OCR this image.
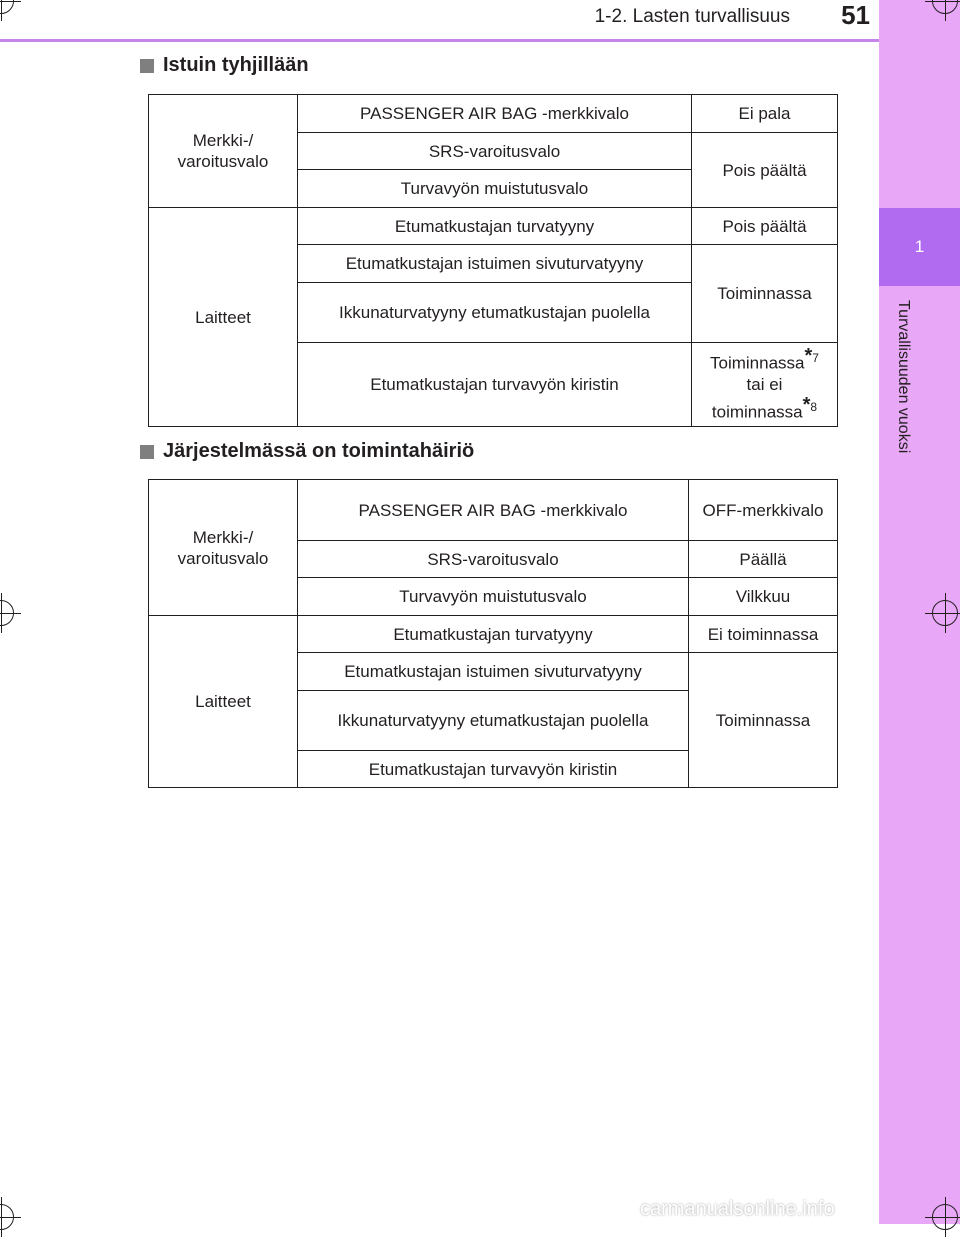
1-2. Lasten turvallisuus	51
1
Turvallisuuden vuoksi
Istuin tyhjillään
Merkki-/ varoitusvalo	PASSENGER AIR BAG -merkkivalo	Ei pala
	SRS-varoitusvalo	Pois päältä
	Turvavyön muistutusvalo	
Laitteet	Etumatkustajan turvatyyny	Pois päältä
	Etumatkustajan istuimen sivuturvatyyny	Toiminnassa
	Ikkunaturvatyyny etumatkustajan puolella	
	Etumatkustajan turvavyön kiristin	Toiminnassa$^{*7}$
tai ei
toiminnassa$^{*8}$
Järjestelmässä on toimintahäiriö
Merkki-/ varoitusvalo	PASSENGER AIR BAG -merkkivalo	OFF-merkkivalo
	SRS-varoitusvalo	Päällä
	Turvavyön muistutusvalo	Vilkkuu
Laitteet	Etumatkustajan turvatyyny	Ei toiminnassa
	Etumatkustajan istuimen sivuturvatyyny	Toiminnassa
	Ikkunaturvatyyny etumatkustajan puolella	
	Etumatkustajan turvavyön kiristin	
carmanualsonline.info
